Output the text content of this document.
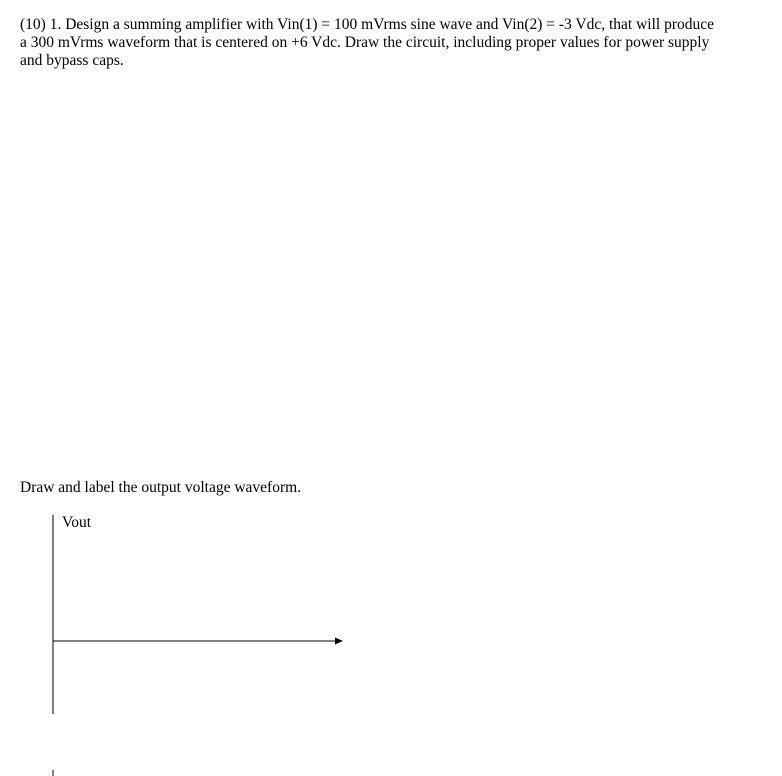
(10) 1. Design a summing amplifier with Vin(1) = 100 mVrms sine wave and Vin(2) = -3 Vdc, that will produce
a 300 mVrms waveform that is centered on +6 Vdc. Draw the circuit, including proper values for power supply
and bypass caps.

Draw and label the output voltage waveform.

Vout
